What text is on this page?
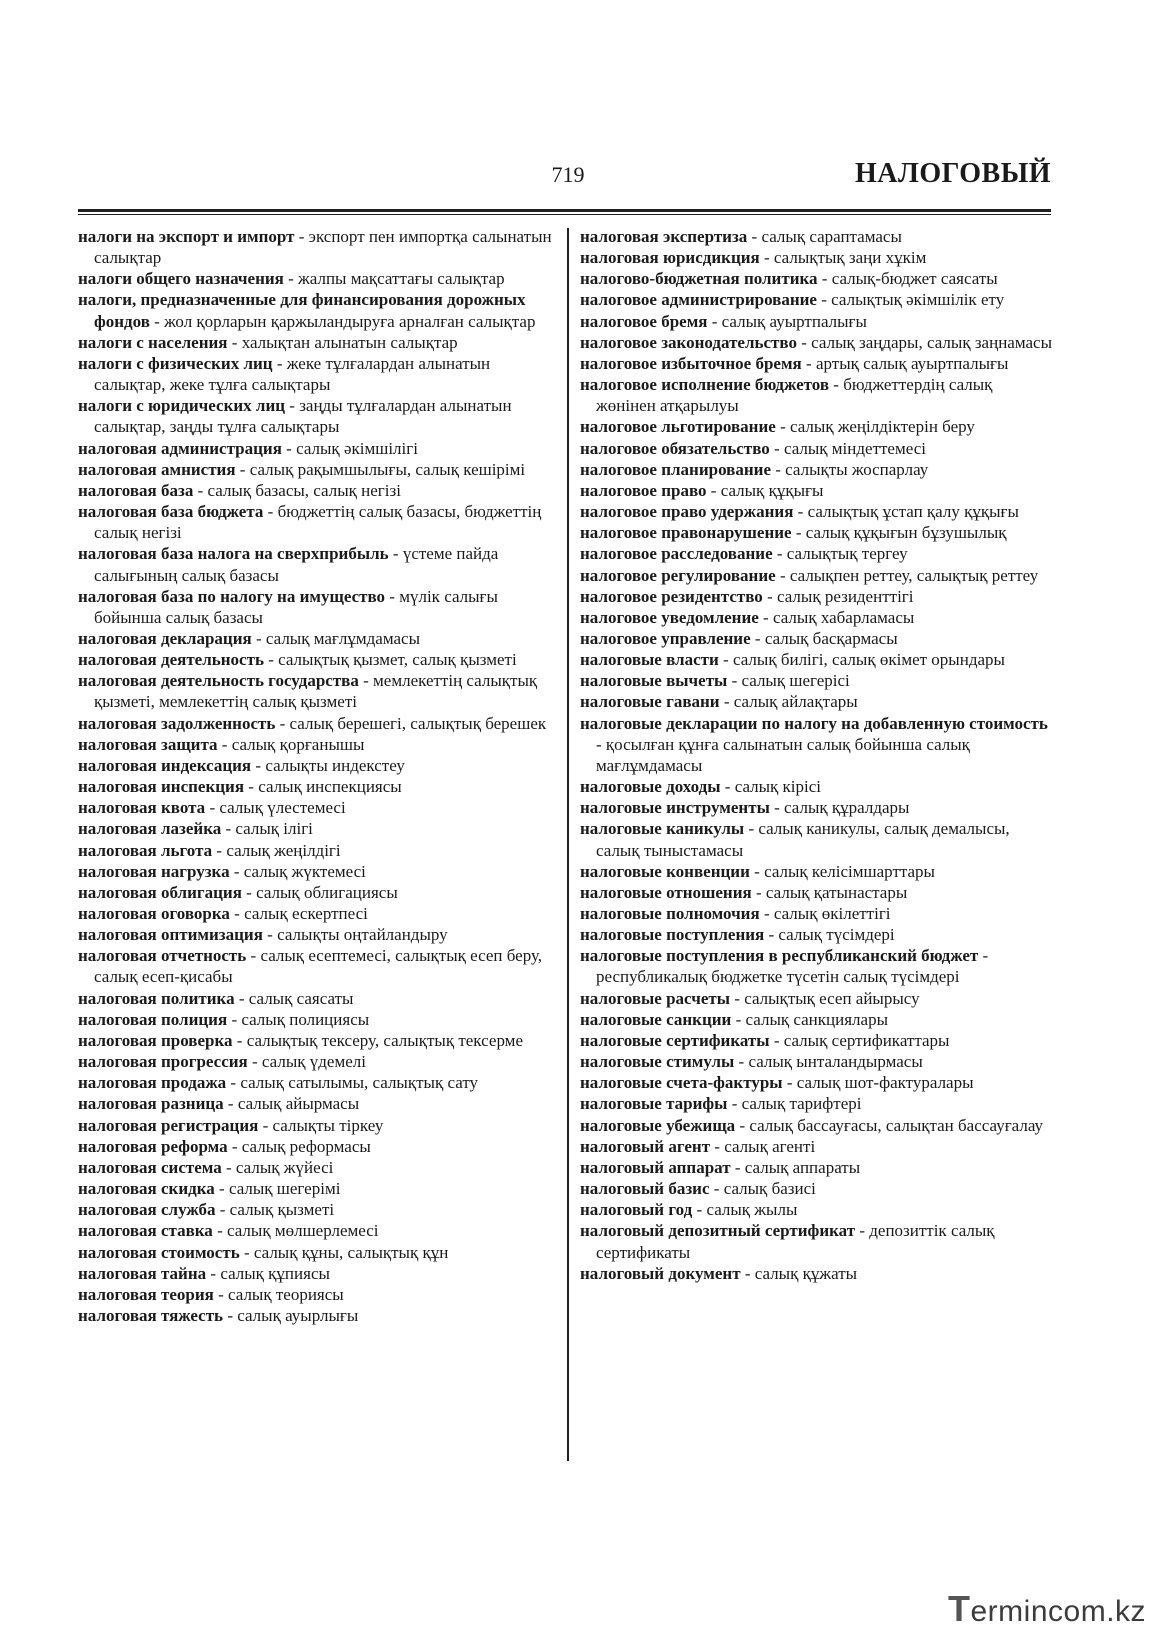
719	НАЛОГОВЫЙ
налоги на экспорт и импорт - экспорт пен импортқа салынатын салықтар
налоги общего назначения - жалпы мақсаттағы салықтар
налоги, предназначенные для финансирования дорожных фондов - жол қорларын қаржыландыруға арналған салықтар
налоги с населения - халықтан алынатын салықтар
налоги с физических лиц - жеке тұлғалардан алынатын салықтар, жеке тұлға салықтары
налоги с юридических лиц - заңды тұлғалардан алынатын салықтар, заңды тұлға салықтары
налоговая администрация - салық әкімшілігі
налоговая амнистия - салық рақымшылығы, салық кешірімі
налоговая база - салық базасы, салық негізі
налоговая база бюджета - бюджеттің салық базасы, бюджеттің салық негізі
налоговая база налога на сверхприбыль - үстеме пайда салығының салық базасы
налоговая база по налогу на имущество - мүлік салығы бойынша салық базасы
налоговая декларация - салық мағлұмдамасы
налоговая деятельность - салықтық қызмет, салық қызметі
налоговая деятельность государства - мемлекеттің салықтық қызметі, мемлекеттің салық қызметі
налоговая задолженность - салық берешегі, салықтық берешек
налоговая защита - салық қорғанышы
налоговая индексация - салықты индекстеу
налоговая инспекция - салық инспекциясы
налоговая квота - салық үлестемесі
налоговая лазейка - салық ілігі
налоговая льгота - салық жеңілдігі
налоговая нагрузка - салық жүктемесі
налоговая облигация - салық облигациясы
налоговая оговорка - салық ескертпесі
налоговая оптимизация - салықты оңтайландыру
налоговая отчетность - салық есептемесі, салықтық есеп беру, салық есеп-қисабы
налоговая политика - салық саясаты
налоговая полиция - салық полициясы
налоговая проверка - салықтық тексеру, салықтық тексерме
налоговая прогрессия - салық үдемелі
налоговая продажа - салық сатылымы, салықтық сату
налоговая разница - салық айырмасы
налоговая регистрация - салықты тіркеу
налоговая реформа - салық реформасы
налоговая система - салық жүйесі
налоговая скидка - салық шегерімі
налоговая служба - салық қызметі
налоговая ставка - салық мөлшерлемесі
налоговая стоимость - салық құны, салықтық құн
налоговая тайна - салық құпиясы
налоговая теория - салық теориясы
налоговая тяжесть - салық ауырлығы
налоговая экспертиза - салық сараптамасы
налоговая юрисдикция - салықтық заңи хұкім
налогово-бюджетная политика - салық-бюджет саясаты
налоговое администрирование - салықтық әкімшілік ету
налоговое бремя - салық ауыртпалығы
налоговое законодательство - салық заңдары, салық заңнамасы
налоговое избыточное бремя - артық салық ауыртпалығы
налоговое исполнение бюджетов - бюджеттердің салық жөнінен атқарылуы
налоговое льготирование - салық жеңілдіктерін беру
налоговое обязательство - салық міндеттемесі
налоговое планирование - салықты жоспарлау
налоговое право - салық құқығы
налоговое право удержания - салықтық ұстап қалу құқығы
налоговое правонарушение - салық құқығын бұзушылық
налоговое расследование - салықтық тергеу
налоговое регулирование - салықпен реттеу, салықтық реттеу
налоговое резидентство - салық резиденттігі
налоговое уведомление - салық хабарламасы
налоговое управление - салық басқармасы
налоговые власти - салық билігі, салық өкімет орындары
налоговые вычеты - салық шегерісі
налоговые гавани - салық айлақтары
налоговые декларации по налогу на добавленную стоимость - қосылған құнға салынатын салық бойынша салық мағлұмдамасы
налоговые доходы - салық кірісі
налоговые инструменты - салық құралдары
налоговые каникулы - салық каникулы, салық демалысы, салық тыныстамасы
налоговые конвенции - салық келісімшарттары
налоговые отношения - салық қатынастары
налоговые полномочия - салық өкілеттігі
налоговые поступления - салық түсімдері
налоговые поступления в республиканский бюджет - республикалық бюджетке түсетін салық түсімдері
налоговые расчеты - салықтық есеп айырысу
налоговые санкции - салық санкциялары
налоговые сертификаты - салық сертификаттары
налоговые стимулы - салық ынталандырмасы
налоговые счета-фактуры - салық шот-фактуралары
налоговые тарифы - салық тарифтері
налоговые убежища - салық бассауғасы, салықтан бассауғалау
налоговый агент - салық агенті
налоговый аппарат - салық аппараты
налоговый базис - салық базисі
налоговый год - салық жылы
налоговый депозитный сертификат - депозиттік салық сертификаты
налоговый документ - салық құжаты
Termincom.kz
